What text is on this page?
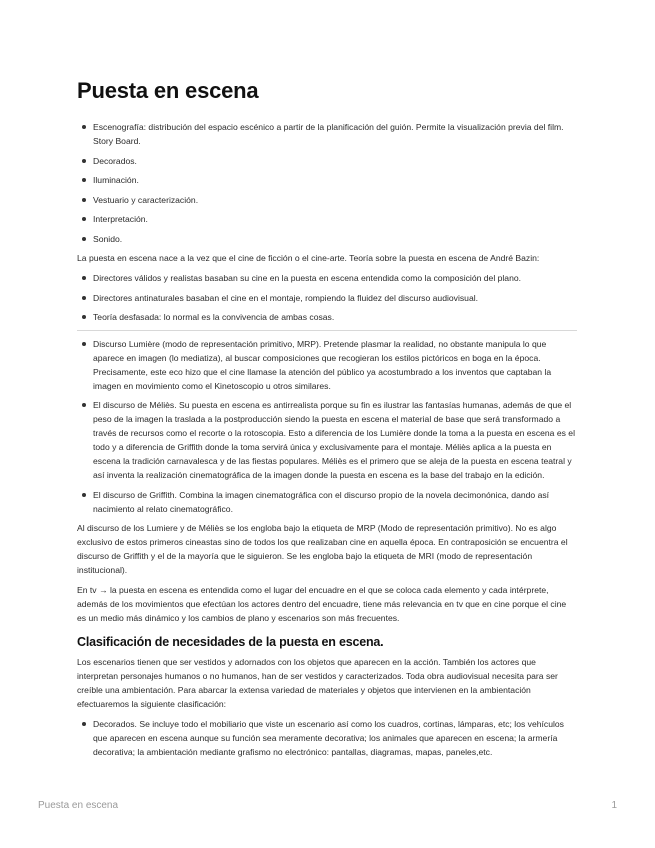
Puesta en escena
Escenografía: distribución del espacio escénico a partir de la planificación del guión. Permite la visualización previa del film. Story Board.
Decorados.
Iluminación.
Vestuario y caracterización.
Interpretación.
Sonido.

La puesta en escena nace a la vez que el cine de ficción o el cine-arte. Teoría sobre la puesta en escena de André Bazin:

Directores válidos y realistas basaban su cine en la puesta en escena entendida como la composición del plano.
Directores antinaturales basaban el cine en el montaje, rompiendo la fluidez del discurso audiovisual.
Teoría desfasada: lo normal es la convivencia de ambas cosas.
Discurso Lumière (modo de representación primitivo, MRP). Pretende plasmar la realidad, no obstante manipula lo que aparece en imagen (lo mediatiza), al buscar composiciones que recogieran los estilos pictóricos en boga en la época. Precisamente, este eco hizo que el cine llamase la atención del público ya acostumbrado a los inventos que captaban la imagen en movimiento como el Kinetoscopio u otros similares.
El discurso de Méliès. Su puesta en escena es antirrealista porque su fin es ilustrar las fantasías humanas, además de que el peso de la imagen la traslada a la postproducción siendo la puesta en escena el material de base que será transformado a través de recursos como el recorte o la rotoscopia. Esto a diferencia de los Lumière donde la toma a la puesta en escena es el todo y a diferencia de Griffith donde la toma servirá única y exclusivamente para el montaje. Méliès aplica a la puesta en escena la tradición carnavalesca y de las fiestas populares. Méliès es el primero que se aleja de la puesta en escena teatral y así inventa la realización cinematográfica de la imagen donde la puesta en escena es la base del trabajo en la edición.
El discurso de Griffith. Combina la imagen cinematográfica con el discurso propio de la novela decimonónica, dando así nacimiento al relato cinematográfico.

Al discurso de los Lumiere y de Méliès se los engloba bajo la etiqueta de MRP (Modo de representación primitivo). No es algo exclusivo de estos primeros cineastas sino de todos los que realizaban cine en aquella época. En contraposición se encuentra el discurso de Griffith y el de la mayoría que le siguieron. Se les engloba bajo la etiqueta de MRI (modo de representación institucional).

En tv → la puesta en escena es entendida como el lugar del encuadre en el que se coloca cada elemento y cada intérprete, además de los movimientos que efectúan los actores dentro del encuadre, tiene más relevancia en tv que en cine porque el cine es un medio más dinámico y los cambios de plano y escenarios son más frecuentes.

Clasificación de necesidades de la puesta en escena.

Los escenarios tienen que ser vestidos y adornados con los objetos que aparecen en la acción. También los actores que interpretan personajes humanos o no humanos, han de ser vestidos y caracterizados. Toda obra audiovisual necesita para ser creíble una ambientación. Para abarcar la extensa variedad de materiales y objetos que intervienen en la ambientación efectuaremos la siguiente clasificación:

Decorados. Se incluye todo el mobiliario que viste un escenario así como los cuadros, cortinas, lámparas, etc; los vehículos que aparecen en escena aunque su función sea meramente decorativa; los animales que aparecen en escena; la armería decorativa; la ambientación mediante grafismo no electrónico: pantallas, diagramas, mapas, paneles,etc.
Puesta en escena	1
